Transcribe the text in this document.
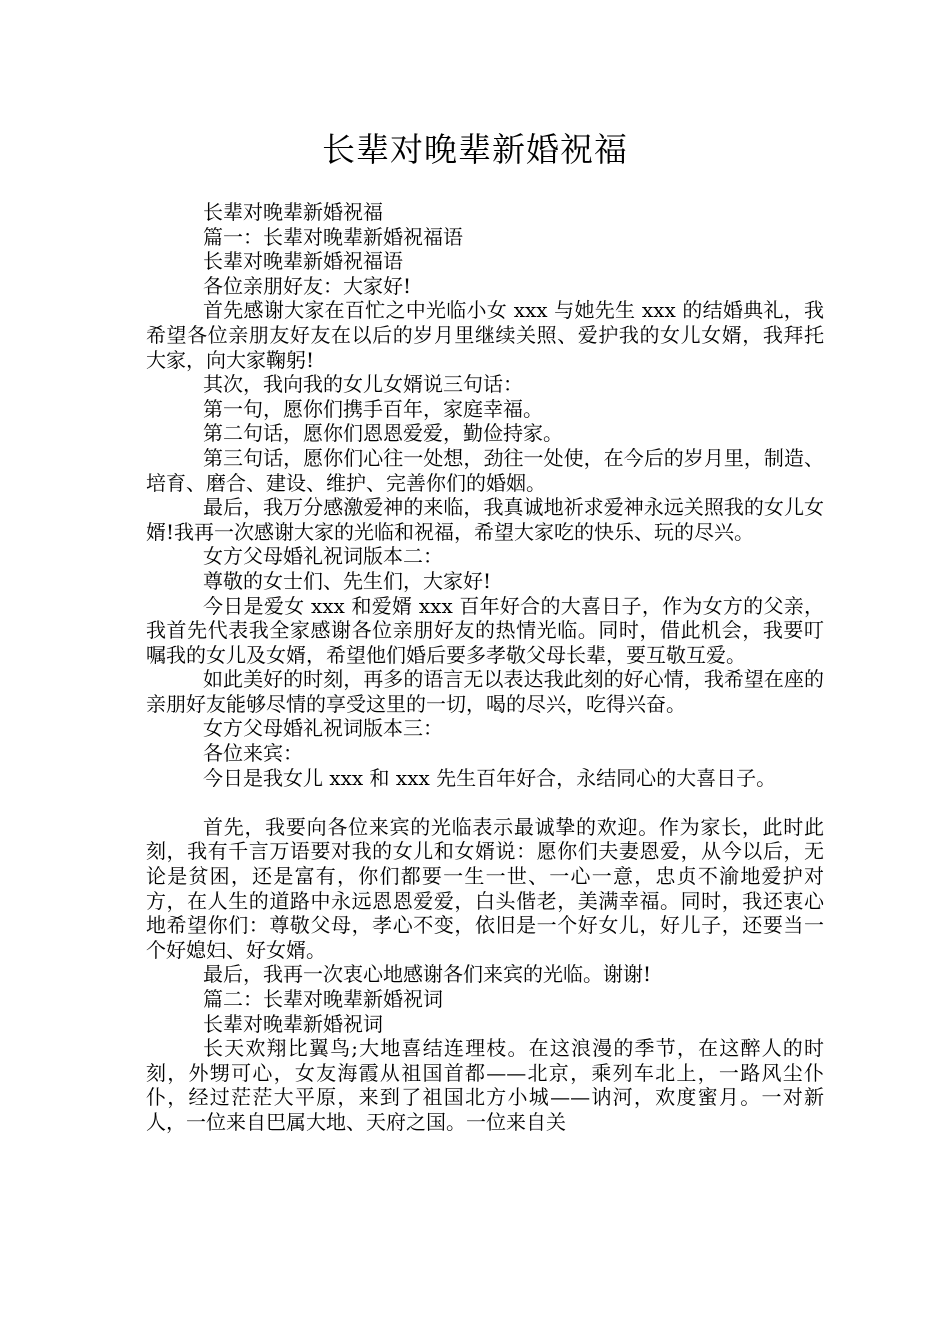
长辈对晚辈新婚祝福

长辈对晚辈新婚祝福

篇一：长辈对晚辈新婚祝福语

长辈对晚辈新婚祝福语

各位亲朋好友：大家好!

首先感谢大家在百忙之中光临小女 xxx 与她先生 xxx 的结婚典礼，我希望各位亲朋友好友在以后的岁月里继续关照、爱护我的女儿女婿，我拜托大家，向大家鞠躬!

其次，我向我的女儿女婿说三句话：

第一句，愿你们携手百年，家庭幸福。

第二句话，愿你们恩恩爱爱，勤俭持家。

第三句话，愿你们心往一处想，劲往一处使，在今后的岁月里，制造、培育、磨合、建设、维护、完善你们的婚姻。

最后，我万分感激爱神的来临，我真诚地祈求爱神永远关照我的女儿女婿!我再一次感谢大家的光临和祝福，希望大家吃的快乐、玩的尽兴。

女方父母婚礼祝词版本二：

尊敬的女士们、先生们，大家好!

今日是爱女 xxx 和爱婿 xxx 百年好合的大喜日子，作为女方的父亲，我首先代表我全家感谢各位亲朋好友的热情光临。同时，借此机会，我要叮嘱我的女儿及女婿，希望他们婚后要多孝敬父母长辈，要互敬互爱。

如此美好的时刻，再多的语言无以表达我此刻的好心情，我希望在座的亲朋好友能够尽情的享受这里的一切，喝的尽兴，吃得兴奋。

女方父母婚礼祝词版本三：

各位来宾：

今日是我女儿 xxx 和 xxx 先生百年好合，永结同心的大喜日子。

首先，我要向各位来宾的光临表示最诚挚的欢迎。作为家长，此时此刻，我有千言万语要对我的女儿和女婿说：愿你们夫妻恩爱，从今以后，无论是贫困，还是富有，你们都要一生一世、一心一意，忠贞不渝地爱护对方，在人生的道路中永远恩恩爱爱，白头偕老，美满幸福。同时，我还衷心地希望你们：尊敬父母，孝心不变，依旧是一个好女儿，好儿子，还要当一个好媳妇、好女婿。

最后，我再一次衷心地感谢各们来宾的光临。谢谢!

篇二：长辈对晚辈新婚祝词

长辈对晚辈新婚祝词

长天欢翔比翼鸟;大地喜结连理枝。在这浪漫的季节，在这醉人的时刻，外甥可心，女友海霞从祖国首都——北京，乘列车北上，一路风尘仆仆，经过茫茫大平原，来到了祖国北方小城——讷河，欢度蜜月。一对新人，一位来自巴属大地、天府之国。一位来自关
